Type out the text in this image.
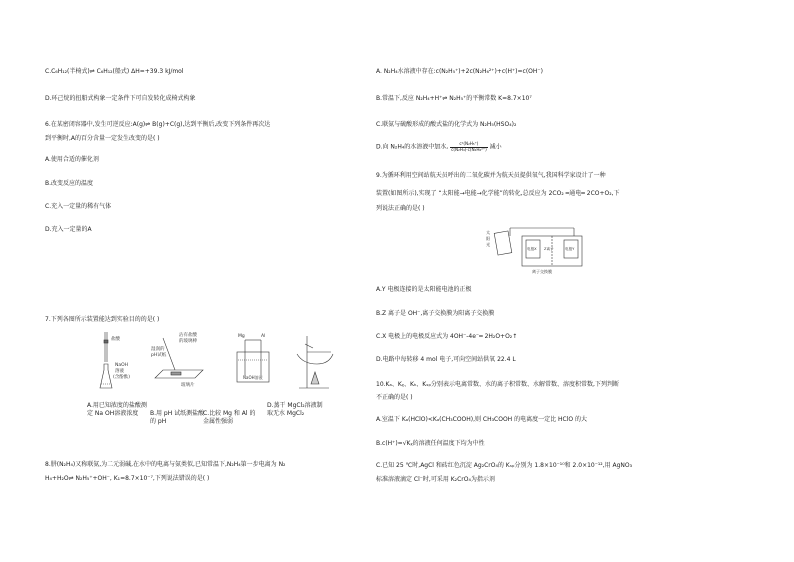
C.C₆H₁₂(半椅式)⇌ C₆H₁₂(船式) ΔH=+39.3 kJ/mol
D.环己烷的扭船式构象一定条件下可自发转化成椅式构象
6.在某密闭容器中,发生可逆反应:A(g)⇌ B(g)+C(g),达到平衡后,改变下列条件再次达
到平衡时,A的百分含量一定发生改变的是( )
A.使用合适的催化剂
B.改变反应的温度
C.充入一定量的稀有气体
D.充入一定量的A
7.下列各图所示装置能达到实验目的的是( )
盐酸
NaOH
溶液
(含酚酞)
沾有盐酸
的玻璃棒
湿润的
pH试纸
玻璃片
Mg	Al
NaOH溶液
A.用已知浓度的盐酸测定 Na OH溶液浓度	B.用 pH 试纸测盐酸的 pH
C.比较 Mg 和 Al 的金属性强弱
D.蒸干 MgCl₂溶液制取无水 MgCl₂
8.肼(N₂H₄)又称联氨,为二元弱碱,在水中的电离与氨类似,已知常温下,N₂H₄第一步电离为 N₂
H₄+H₂O⇌ N₂H₅⁺+OH⁻, K₁=8.7×10⁻⁷,下列说法错误的是( )
A. N₂H₄水溶液中存在:c(N₂H₅⁺)+2c(N₂H₆²⁺)+c(H⁺)=c(OH⁻)
B.常温下,反应 N₂H₄+H⁺⇌ N₂H₅⁺的平衡常数 K=8.7×10⁷
C.联氨与硫酸形成的酸式盐的化学式为 N₂H₅(HSO₄)₂
D.向 N₂H₄的水溶液中加水, $\frac{\text{c²(N₂H₅⁺)}}{\text{c(N₂H₄)·c(N₂H₆²⁺)}}$ 减小
9.为循环利用空间站航天员呼出的二氧化碳并为航天员提供氧气,我国科学家设计了一种
装置(如图所示),实现了 “太阳能→电能→化学能”的转化,总反应为 2CO₂ ═通电═ 2CO+O₂,下
列说法正确的是( )
太
阳
光
电极X Z离子	电极Y
离子交换膜
A.Y 电极连接的是太阳能电池的正极
B.Z 离子是 OH⁻,离子交换膜为阳离子交换膜
C.X 电极上的电极反应式为 4OH⁻-4e⁻═ 2H₂O+O₂↑
D.电路中每转移 4 mol 电子,可向空间站供氧 22.4 L
10.Kₐ、Kᵪ、Kₕ、Kₛₚ分别表示电离常数、水的离子积常数、水解常数、溶度积常数,下列判断
不正确的是( )
A.室温下 Kₐ(HClO)<Kₐ(CH₃COOH),则 CH₃COOH 的电离度一定比 HClO 的大
B.c(H⁺)=√Kᵪ的溶液任何温度下均为中性
C.已知 25 ℃时,AgCl 和砖红色沉淀 Ag₂CrO₄的 Kₛₚ分别为 1.8×10⁻¹⁰和 2.0×10⁻¹²,用 AgNO₃
标准溶液滴定 Cl⁻时,可采用 K₂CrO₄为指示剂
